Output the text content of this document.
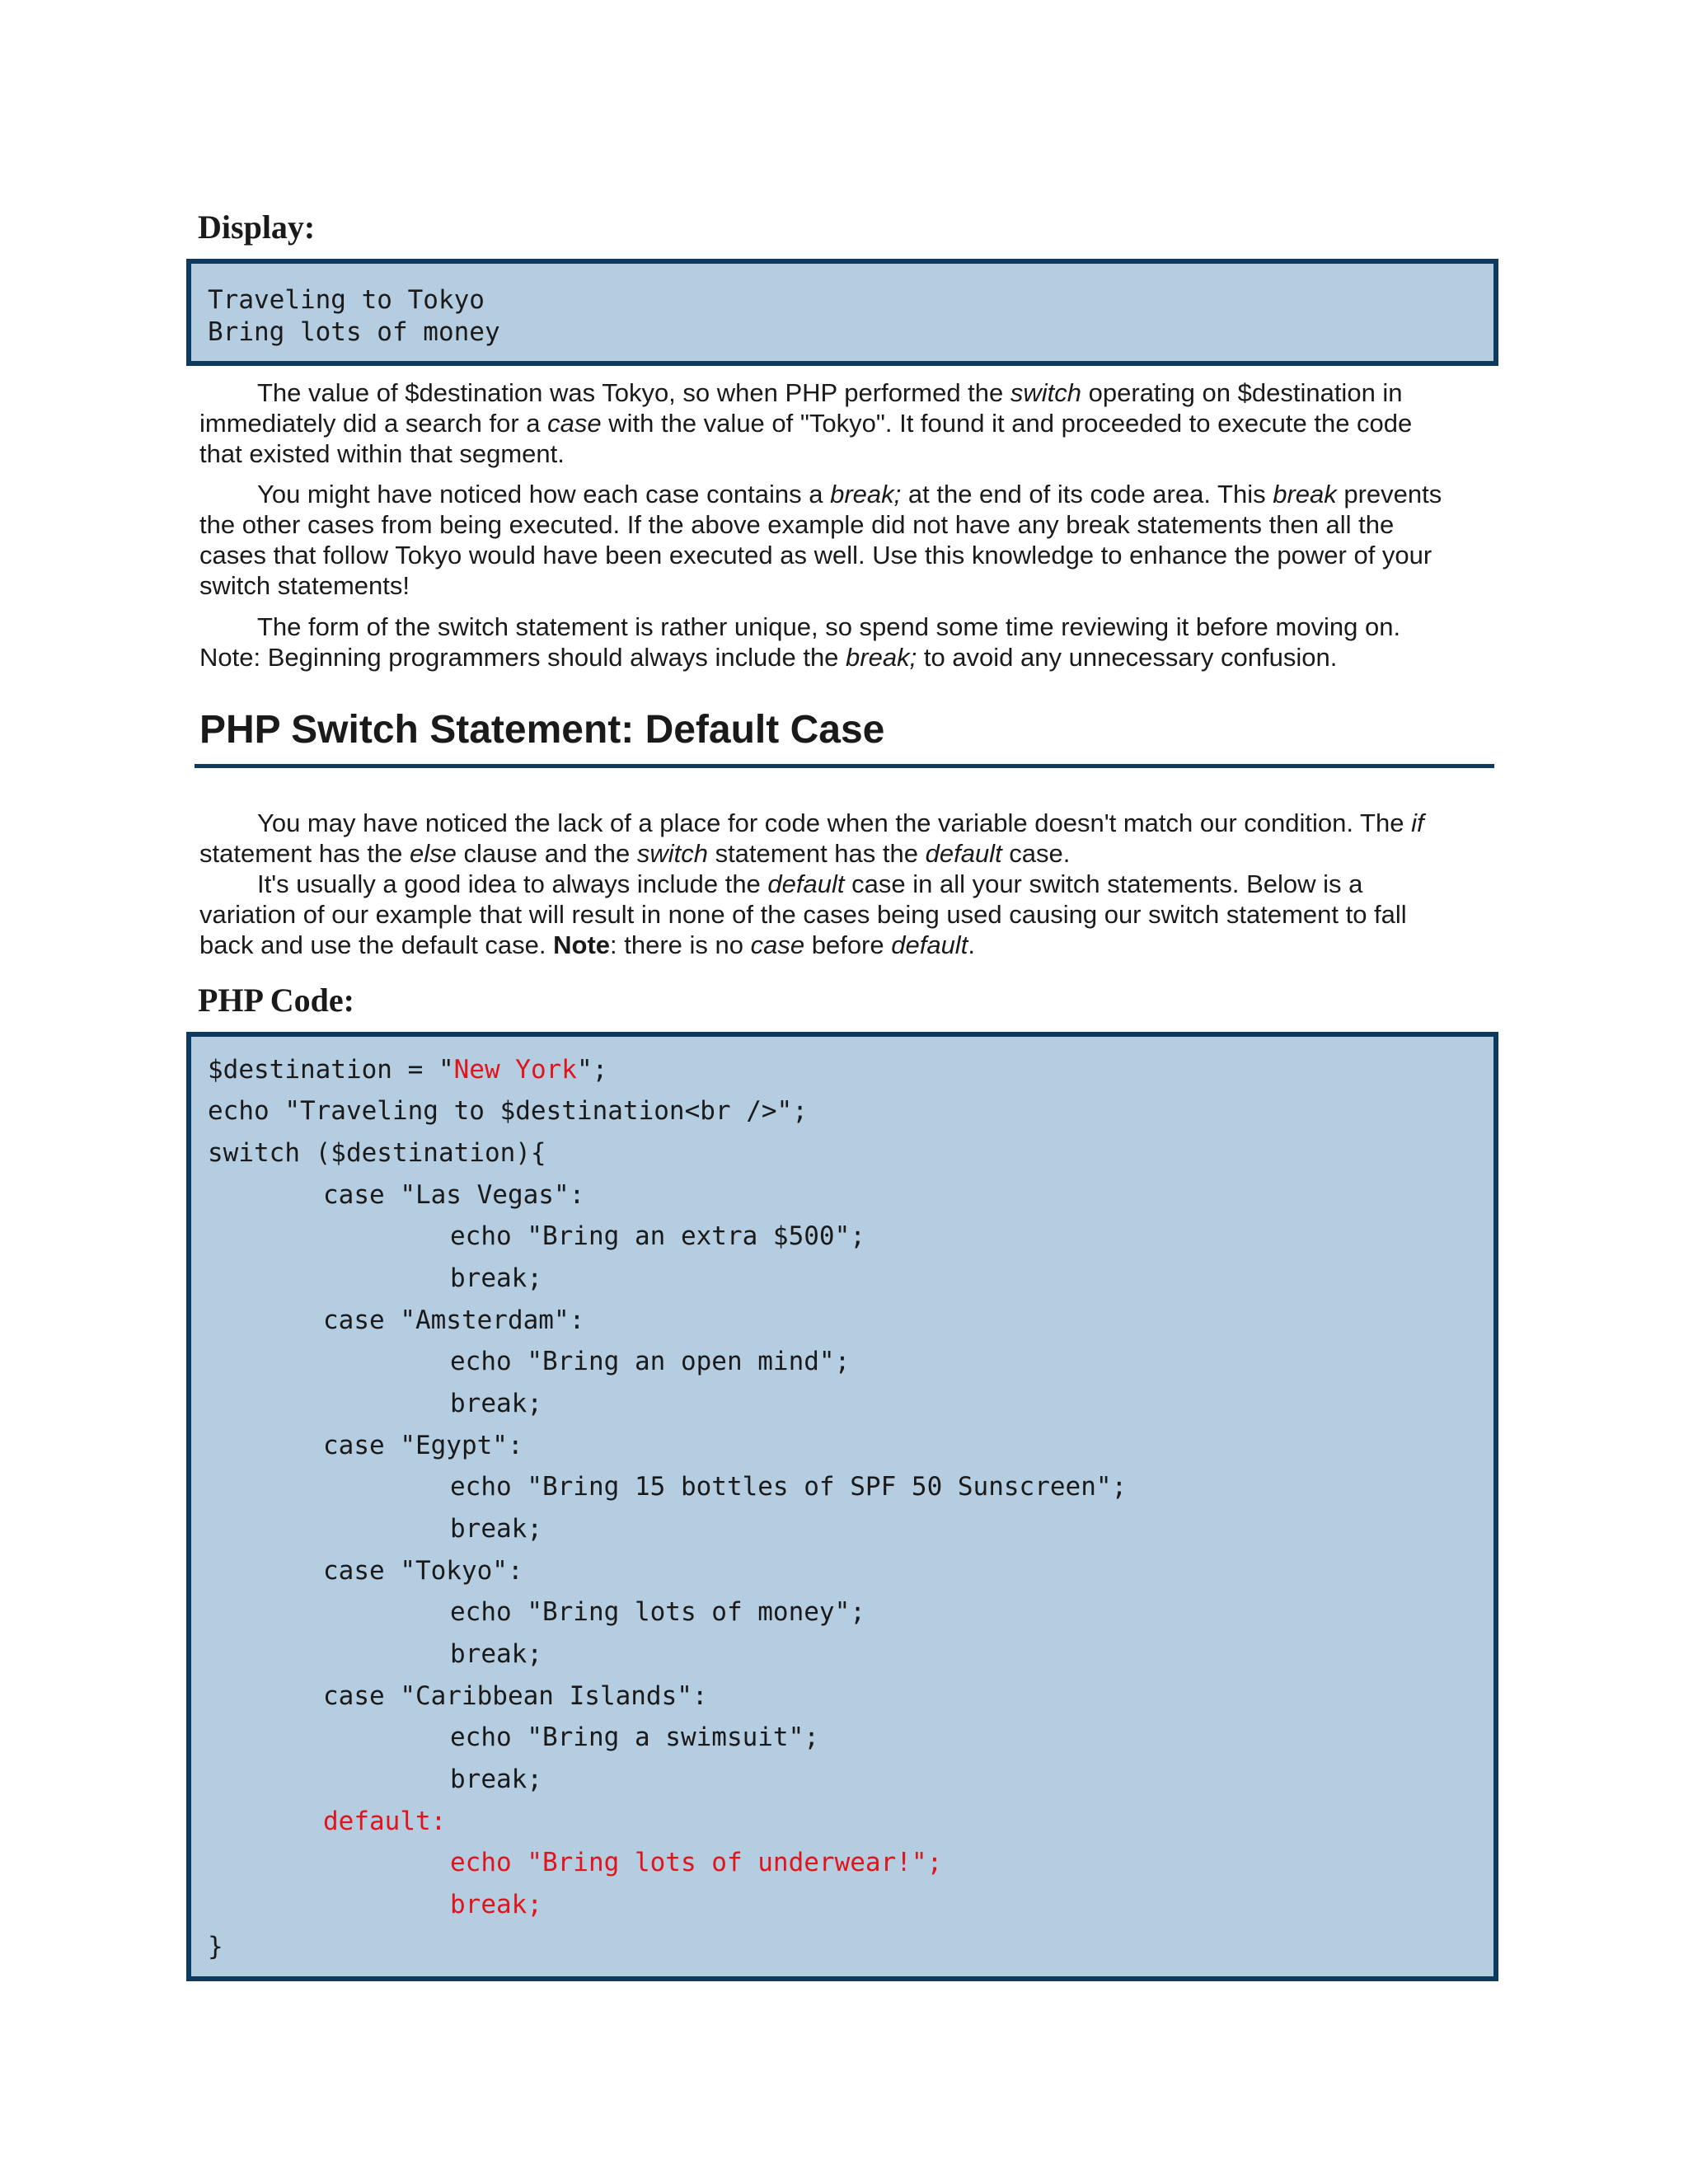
Display:
Traveling to Tokyo
Bring lots of money
The value of $destination was Tokyo, so when PHP performed the switch operating on $destination in
immediately did a search for a case with the value of "Tokyo". It found it and proceeded to execute the code
that existed within that segment.
You might have noticed how each case contains a break; at the end of its code area. This break prevents
the other cases from being executed. If the above example did not have any break statements then all the
cases that follow Tokyo would have been executed as well. Use this knowledge to enhance the power of your
switch statements!
The form of the switch statement is rather unique, so spend some time reviewing it before moving on.
Note: Beginning programmers should always include the break; to avoid any unnecessary confusion.
PHP Switch Statement: Default Case
You may have noticed the lack of a place for code when the variable doesn't match our condition. The if
statement has the else clause and the switch statement has the default case.
It's usually a good idea to always include the default case in all your switch statements. Below is a
variation of our example that will result in none of the cases being used causing our switch statement to fall
back and use the default case. Note: there is no case before default.
PHP Code:
$destination = "New York";
echo "Traveling to $destination<br />";
switch ($destination){
case "Las Vegas":
echo "Bring an extra $500";
break;
case "Amsterdam":
echo "Bring an open mind";
break;
case "Egypt":
echo "Bring 15 bottles of SPF 50 Sunscreen";
break;
case "Tokyo":
echo "Bring lots of money";
break;
case "Caribbean Islands":
echo "Bring a swimsuit";
break;
default:
echo "Bring lots of underwear!";
break;
}
